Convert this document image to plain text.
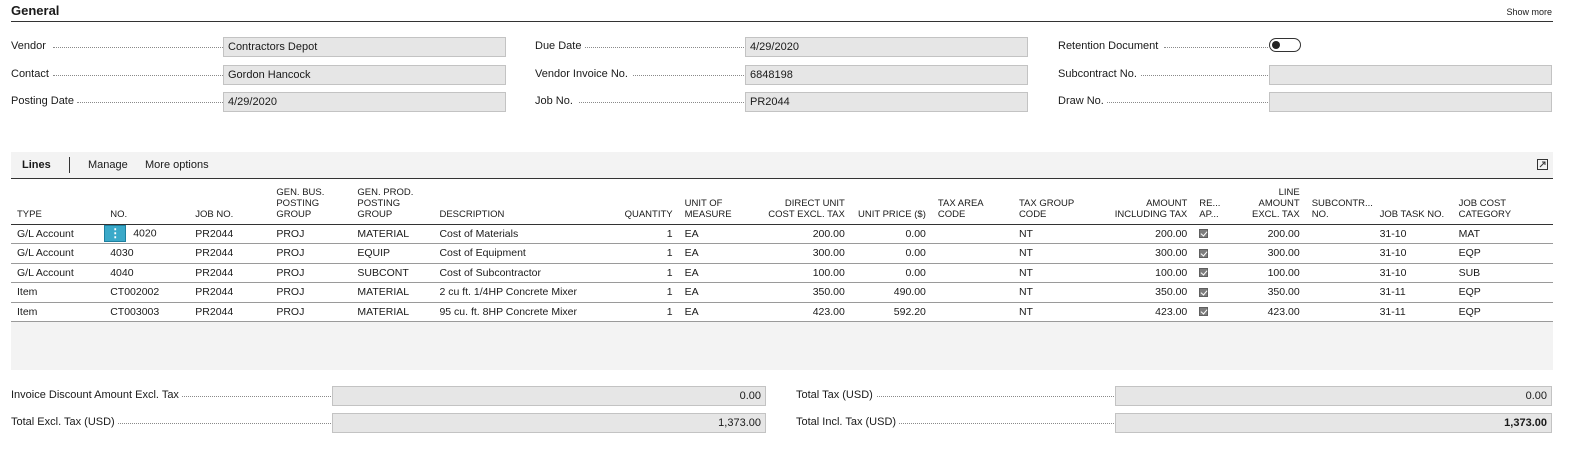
General	Show more
Vendor	Contractors Depot
Contact	Gordon Hancock
Posting Date	4/29/2020
Due Date	4/29/2020
Vendor Invoice No.	6848198
Job No.	PR2044
Retention Document
Subcontract No.
Draw No.
Lines	Manage More options
TYPE	NO.	JOB NO.	GEN. BUS. POSTING GROUP	GEN. PROD. POSTING GROUP	DESCRIPTION	QUANTITY	UNIT OF MEASURE	DIRECT UNIT COST EXCL. TAX	UNIT PRICE ($)	TAX AREA CODE	TAX GROUP CODE	AMOUNT INCLUDING TAX	RE... AP...	LINE AMOUNT EXCL. TAX	SUBCONTR... NO.	JOB TASK NO.	JOB COST CATEGORY
G/L Account	⋮ 4020	PR2044	PROJ	MATERIAL	Cost of Materials	1	EA	200.00	0.00		NT	200.00		200.00		31-10	MAT
G/L Account	4030	PR2044	PROJ	EQUIP	Cost of Equipment	1	EA	300.00	0.00		NT	300.00		300.00		31-10	EQP
G/L Account	4040	PR2044	PROJ	SUBCONT	Cost of Subcontractor	1	EA	100.00	0.00		NT	100.00		100.00		31-10	SUB
Item	CT002002	PR2044	PROJ	MATERIAL	2 cu ft. 1/4HP Concrete Mixer	1	EA	350.00	490.00		NT	350.00		350.00		31-11	EQP
Item	CT003003	PR2044	PROJ	MATERIAL	95 cu. ft. 8HP Concrete Mixer	1	EA	423.00	592.20		NT	423.00		423.00		31-11	EQP
Invoice Discount Amount Excl. Tax	0.00
Total Excl. Tax (USD)	1,373.00
Total Tax (USD)	0.00
Total Incl. Tax (USD)	1,373.00
